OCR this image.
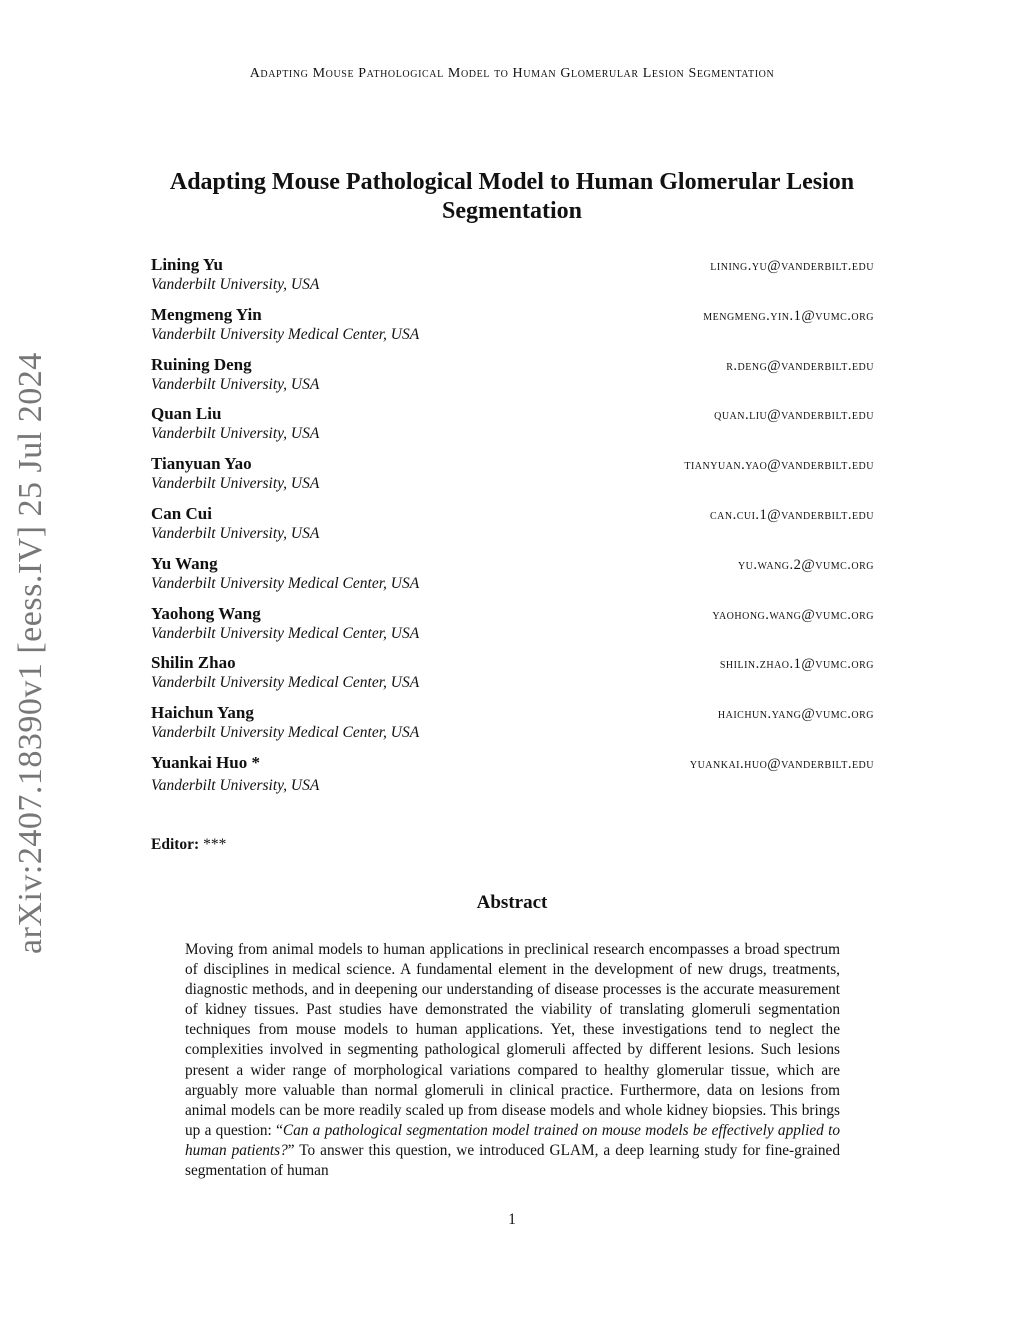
Adapting Mouse Pathological Model to Human Glomerular Lesion Segmentation
arXiv:2407.18390v1 [eess.IV] 25 Jul 2024
Adapting Mouse Pathological Model to Human Glomerular Lesion Segmentation
Lining Yu	lining.yu@vanderbilt.edu
Vanderbilt University, USA
Mengmeng Yin	mengmeng.yin.1@vumc.org
Vanderbilt University Medical Center, USA
Ruining Deng	r.deng@vanderbilt.edu
Vanderbilt University, USA
Quan Liu	quan.liu@vanderbilt.edu
Vanderbilt University, USA
Tianyuan Yao	tianyuan.yao@vanderbilt.edu
Vanderbilt University, USA
Can Cui	can.cui.1@vanderbilt.edu
Vanderbilt University, USA
Yu Wang	yu.wang.2@vumc.org
Vanderbilt University Medical Center, USA
Yaohong Wang	yaohong.wang@vumc.org
Vanderbilt University Medical Center, USA
Shilin Zhao	shilin.zhao.1@vumc.org
Vanderbilt University Medical Center, USA
Haichun Yang	haichun.yang@vumc.org
Vanderbilt University Medical Center, USA
Yuankai Huo *	yuankai.huo@vanderbilt.edu
Vanderbilt University, USA
Editor: ***
Abstract
Moving from animal models to human applications in preclinical research encompasses a broad spectrum of disciplines in medical science. A fundamental element in the development of new drugs, treatments, diagnostic methods, and in deepening our understanding of disease processes is the accurate measurement of kidney tissues. Past studies have demonstrated the viability of translating glomeruli segmentation techniques from mouse models to human applications. Yet, these investigations tend to neglect the complexities involved in segmenting pathological glomeruli affected by different lesions. Such lesions present a wider range of morphological variations compared to healthy glomerular tissue, which are arguably more valuable than normal glomeruli in clinical practice. Furthermore, data on lesions from animal models can be more readily scaled up from disease models and whole kidney biopsies. This brings up a question: “Can a pathological segmentation model trained on mouse models be effectively applied to human patients?” To answer this question, we introduced GLAM, a deep learning study for fine-grained segmentation of human
1
